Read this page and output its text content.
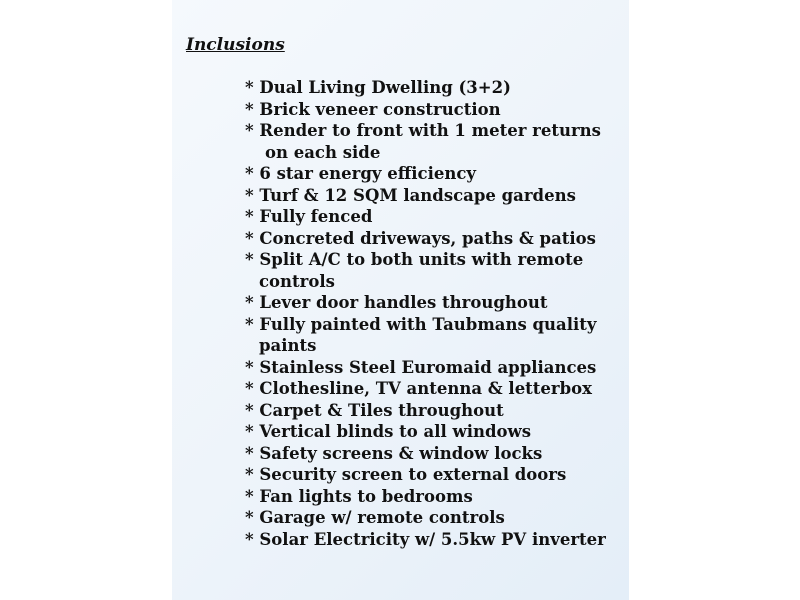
Inclusions
* Dual Living Dwelling (3+2)
* Brick veneer construction
* Render to front with 1 meter returns
on each side
* 6 star energy efficiency
* Turf & 12 SQM landscape gardens
* Fully fenced
* Concreted driveways, paths & patios
* Split A/C to both units with remote
controls
* Lever door handles throughout
* Fully painted with Taubmans quality
paints
* Stainless Steel Euromaid appliances
* Clothesline, TV antenna & letterbox
* Carpet & Tiles throughout
* Vertical blinds to all windows
* Safety screens & window locks
* Security screen to external doors
* Fan lights to bedrooms
* Garage w/ remote controls
* Solar Electricity w/ 5.5kw PV inverter
